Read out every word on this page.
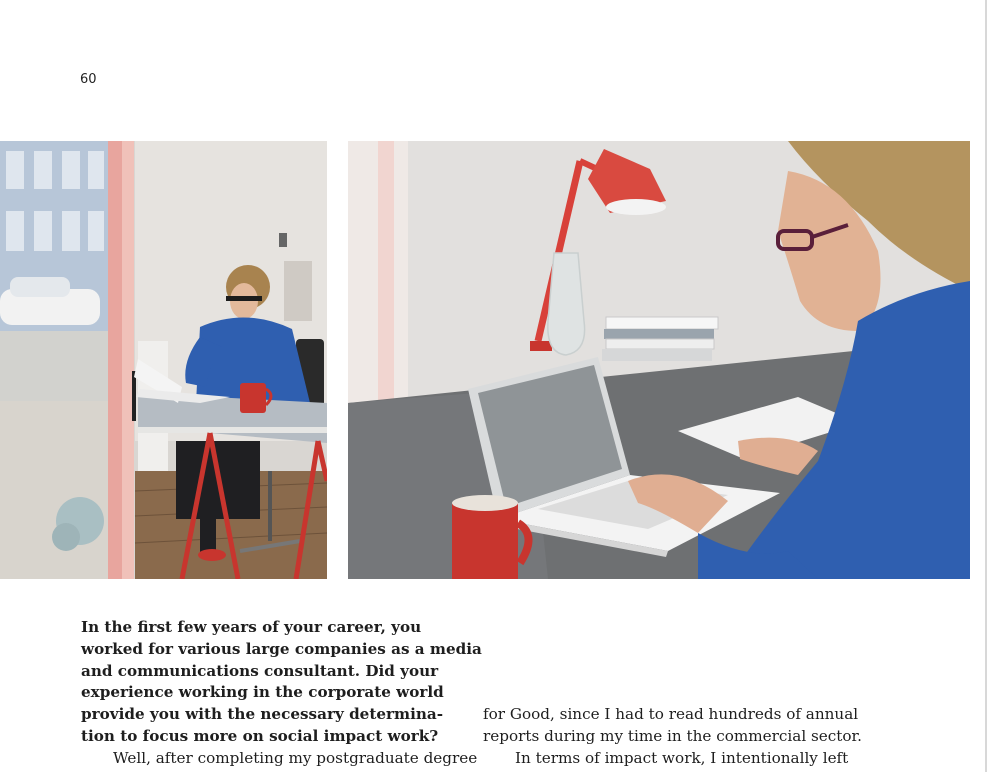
60
In the first few years of your career, you
worked for various large companies as a media
and communications consultant. Did your
experience working in the corporate world
provide you with the necessary determina-
tion to focus more on social impact work?
Well, after completing my postgraduate degree
for Good, since I had to read hundreds of annual
reports during my time in the commercial sector.
In terms of impact work, I intentionally left
